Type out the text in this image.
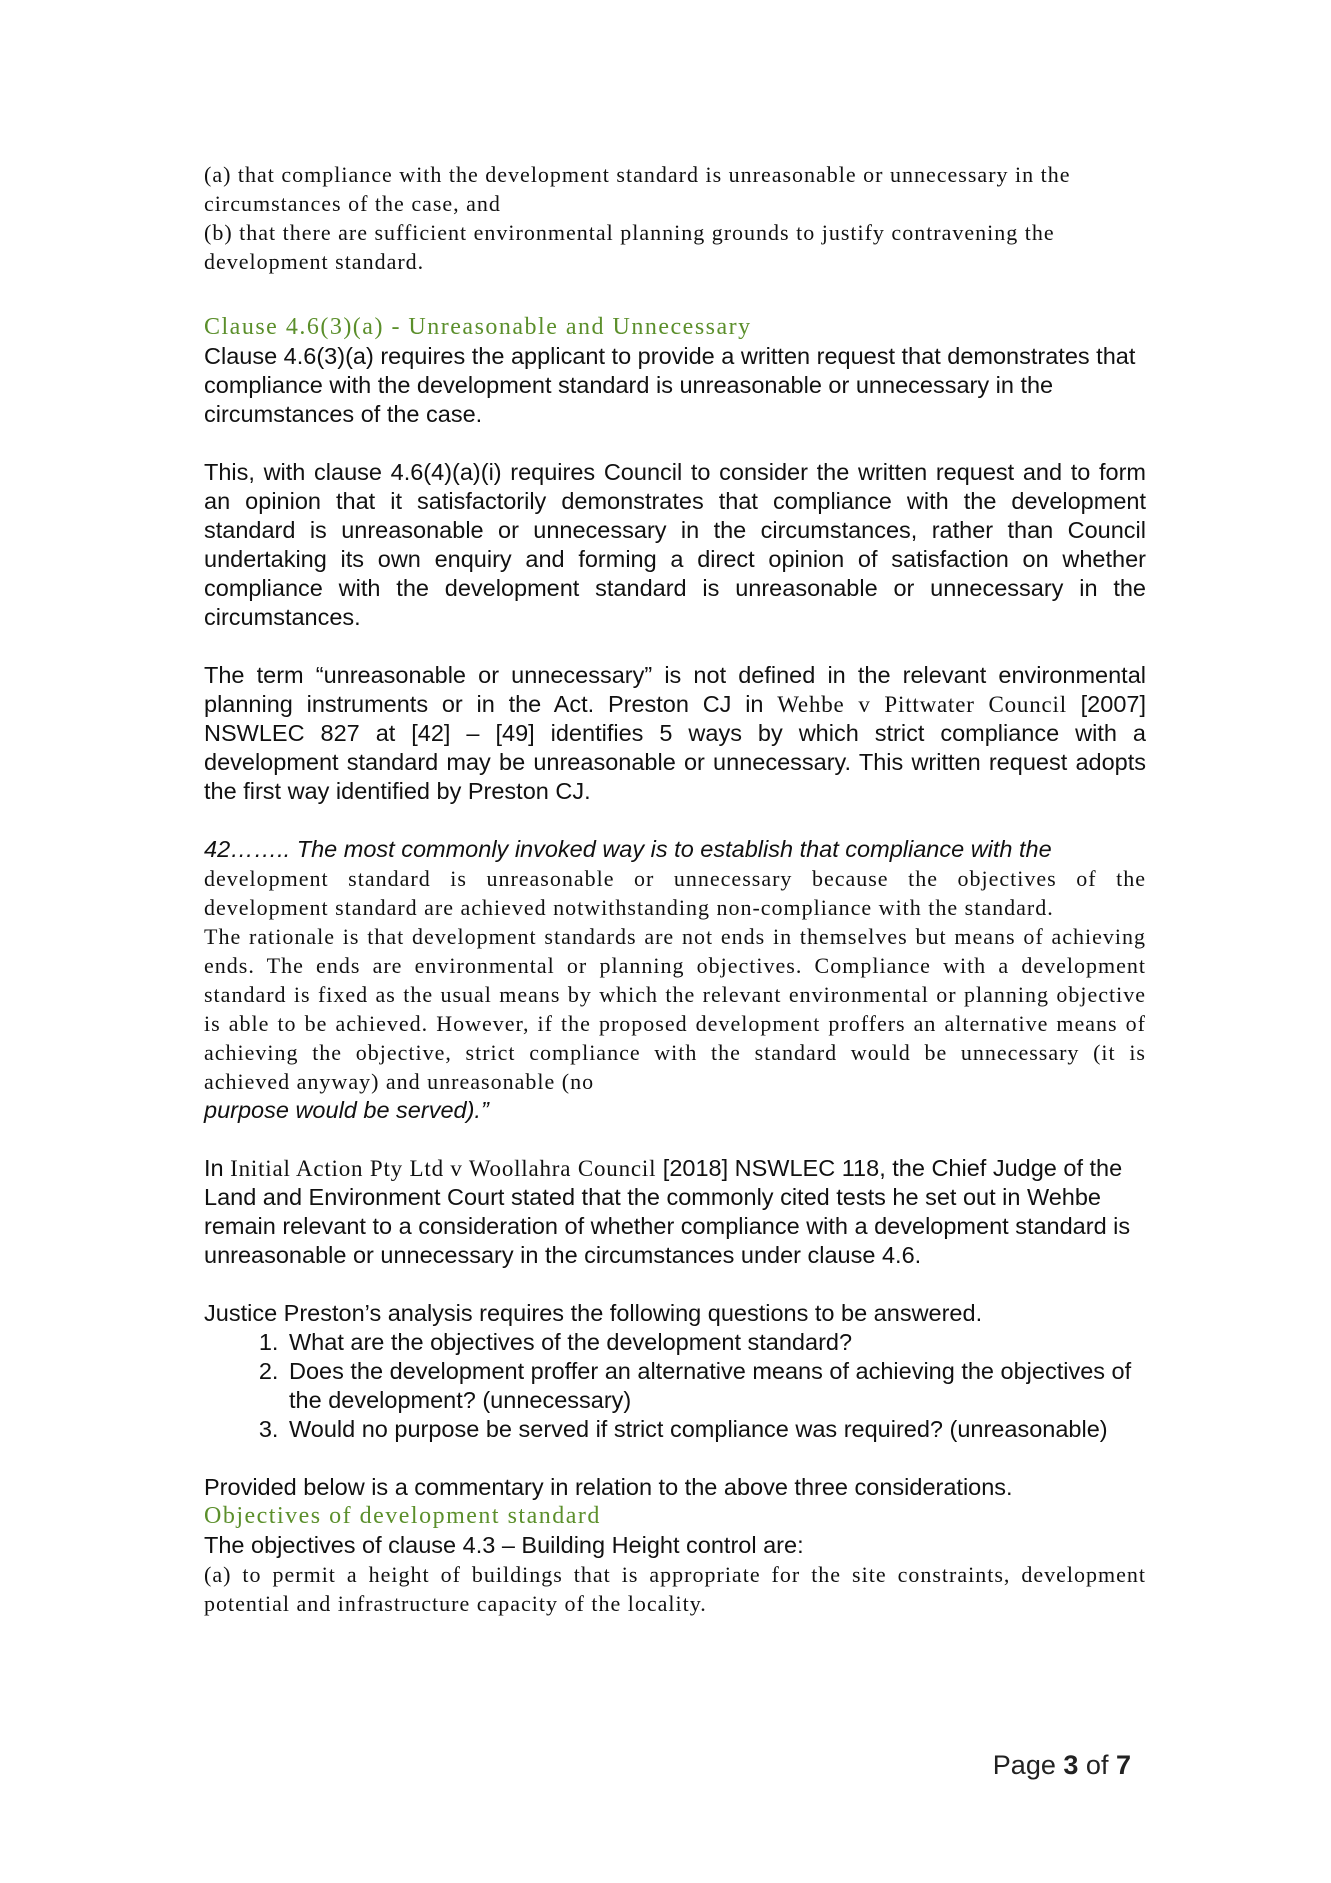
(a) that compliance with the development standard is unreasonable or unnecessary in the circumstances of the case, and

(b) that there are sufficient environmental planning grounds to justify contravening the development standard.

Clause 4.6(3)(a) - Unreasonable and Unnecessary

Clause 4.6(3)(a) requires the applicant to provide a written request that demonstrates that compliance with the development standard is unreasonable or unnecessary in the circumstances of the case.

This, with clause 4.6(4)(a)(i) requires Council to consider the written request and to form an opinion that it satisfactorily demonstrates that compliance with the development standard is unreasonable or unnecessary in the circumstances, rather than Council undertaking its own enquiry and forming a direct opinion of satisfaction on whether compliance with the development standard is unreasonable or unnecessary in the circumstances.

The term “unreasonable or unnecessary” is not defined in the relevant environmental planning instruments or in the Act. Preston CJ in Wehbe v Pittwater Council [2007] NSWLEC 827 at [42] – [49] identifies 5 ways by which strict compliance with a development standard may be unreasonable or unnecessary. This written request adopts the first way identified by Preston CJ.

42…….. The most commonly invoked way is to establish that compliance with the

development standard is unreasonable or unnecessary because the objectives of the development standard are achieved notwithstanding non-compliance with the standard.

The rationale is that development standards are not ends in themselves but means of achieving ends. The ends are environmental or planning objectives. Compliance with a development standard is fixed as the usual means by which the relevant environmental or planning objective is able to be achieved. However, if the proposed development proffers an alternative means of achieving the objective, strict compliance with the standard would be unnecessary (it is achieved anyway) and unreasonable (no

purpose would be served).”

In Initial Action Pty Ltd v Woollahra Council [2018] NSWLEC 118, the Chief Judge of the Land and Environment Court stated that the commonly cited tests he set out in Wehbe remain relevant to a consideration of whether compliance with a development standard is unreasonable or unnecessary in the circumstances under clause 4.6.

Justice Preston’s analysis requires the following questions to be answered.

1. What are the objectives of the development standard?
2. Does the development proffer an alternative means of achieving the objectives of the development? (unnecessary)
3. Would no purpose be served if strict compliance was required? (unreasonable)

Provided below is a commentary in relation to the above three considerations.

Objectives of development standard

The objectives of clause 4.3 – Building Height control are:

(a) to permit a height of buildings that is appropriate for the site constraints, development potential and infrastructure capacity of the locality.

Page 3 of 7
